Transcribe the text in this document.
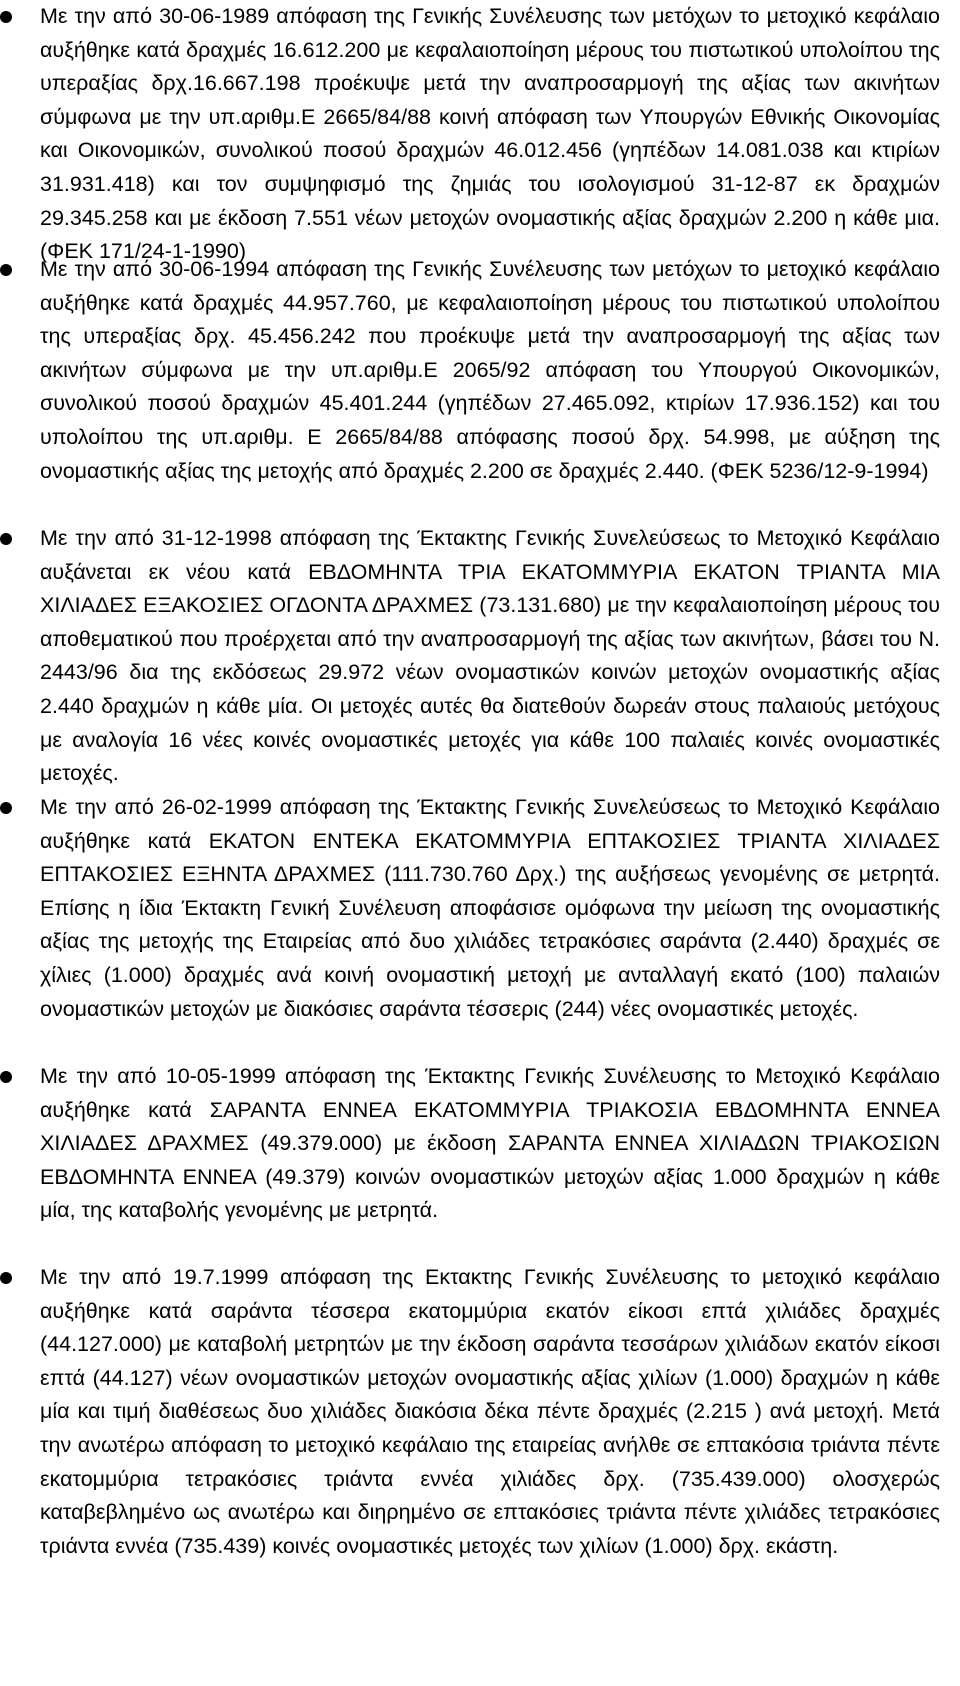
Με την από 30-06-1989 απόφαση της Γενικής Συνέλευσης των μετόχων το μετοχικό κεφάλαιο αυξήθηκε κατά δραχμές 16.612.200 με κεφαλαιοποίηση μέρους του πιστωτικού υπολοίπου της υπεραξίας δρχ.16.667.198 προέκυψε μετά την αναπροσαρμογή της αξίας των ακινήτων σύμφωνα με την υπ.αριθμ.Ε 2665/84/88 κοινή απόφαση των Υπουργών Εθνικής Οικονομίας και Οικονομικών, συνολικού ποσού δραχμών 46.012.456 (γηπέδων 14.081.038 και κτιρίων 31.931.418) και τον συμψηφισμό της ζημιάς του ισολογισμού 31-12-87 εκ δραχμών 29.345.258 και με έκδοση 7.551 νέων μετοχών ονομαστικής αξίας δραχμών 2.200 η κάθε μια. (ΦΕΚ 171/24-1-1990)
Με την από 30-06-1994 απόφαση της Γενικής Συνέλευσης των μετόχων το μετοχικό κεφάλαιο αυξήθηκε κατά δραχμές 44.957.760, με κεφαλαιοποίηση μέρους του πιστωτικού υπολοίπου της υπεραξίας δρχ. 45.456.242 που προέκυψε μετά την αναπροσαρμογή της αξίας των ακινήτων σύμφωνα με την υπ.αριθμ.Ε 2065/92 απόφαση του Υπουργού Οικονομικών, συνολικού ποσού δραχμών 45.401.244 (γηπέδων 27.465.092, κτιρίων 17.936.152) και του υπολοίπου της υπ.αριθμ. Ε 2665/84/88 απόφασης ποσού δρχ. 54.998, με αύξηση της ονομαστικής αξίας της μετοχής από δραχμές 2.200 σε δραχμές 2.440. (ΦΕΚ 5236/12-9-1994)
Με την από 31-12-1998 απόφαση της Έκτακτης Γενικής Συνελεύσεως το Μετοχικό Κεφάλαιο αυξάνεται εκ νέου κατά ΕΒΔΟΜΗΝΤΑ ΤΡΙΑ ΕΚΑΤΟΜΜΥΡΙΑ ΕΚΑΤΟΝ ΤΡΙΑΝΤΑ ΜΙΑ ΧΙΛΙΑΔΕΣ ΕΞΑΚΟΣΙΕΣ ΟΓΔΟΝΤΑ ΔΡΑΧΜΕΣ (73.131.680) με την κεφαλαιοποίηση μέρους του αποθεματικού που προέρχεται από την αναπροσαρμογή της αξίας των ακινήτων, βάσει του Ν. 2443/96 δια της εκδόσεως 29.972 νέων ονομαστικών κοινών μετοχών ονομαστικής αξίας 2.440 δραχμών η κάθε μία. Οι μετοχές αυτές θα διατεθούν δωρεάν στους παλαιούς μετόχους με αναλογία 16 νέες κοινές ονομαστικές μετοχές για κάθε 100 παλαιές κοινές ονομαστικές μετοχές.
Με την από 26-02-1999 απόφαση της Έκτακτης Γενικής Συνελεύσεως το Μετοχικό Κεφάλαιο αυξήθηκε κατά ΕΚΑΤΟΝ ΕΝΤΕΚΑ ΕΚΑΤΟΜΜΥΡΙΑ ΕΠΤΑΚΟΣΙΕΣ ΤΡΙΑΝΤΑ ΧΙΛΙΑΔΕΣ ΕΠΤΑΚΟΣΙΕΣ ΕΞΗΝΤΑ ΔΡΑΧΜΕΣ (111.730.760 Δρχ.) της αυξήσεως γενομένης σε μετρητά. Επίσης η ίδια Έκτακτη Γενική Συνέλευση αποφάσισε ομόφωνα την μείωση της ονομαστικής αξίας της μετοχής της Εταιρείας από δυο χιλιάδες τετρακόσιες σαράντα (2.440) δραχμές σε χίλιες (1.000) δραχμές ανά κοινή ονομαστική μετοχή με ανταλλαγή εκατό (100) παλαιών ονομαστικών μετοχών με διακόσιες σαράντα τέσσερις (244) νέες ονομαστικές μετοχές.
Με την από 10-05-1999 απόφαση της Έκτακτης Γενικής Συνέλευσης το Μετοχικό Κεφάλαιο αυξήθηκε κατά ΣΑΡΑΝΤΑ ΕΝΝΕΑ ΕΚΑΤΟΜΜΥΡΙΑ ΤΡΙΑΚΟΣΙΑ ΕΒΔΟΜΗΝΤΑ ΕΝΝΕΑ ΧΙΛΙΑΔΕΣ ΔΡΑΧΜΕΣ (49.379.000) με έκδοση ΣΑΡΑΝΤΑ ΕΝΝΕΑ ΧΙΛΙΑΔΩΝ ΤΡΙΑΚΟΣΙΩΝ ΕΒΔΟΜΗΝΤΑ ΕΝΝΕΑ (49.379) κοινών ονομαστικών μετοχών αξίας 1.000 δραχμών η κάθε μία, της καταβολής γενομένης με μετρητά.
Με την από 19.7.1999 απόφαση της Εκτακτης Γενικής Συνέλευσης το μετοχικό κεφάλαιο αυξήθηκε κατά σαράντα τέσσερα εκατομμύρια εκατόν είκοσι επτά χιλιάδες δραχμές (44.127.000) με καταβολή μετρητών με την έκδοση σαράντα τεσσάρων χιλιάδων εκατόν είκοσι επτά (44.127) νέων ονομαστικών μετοχών ονομαστικής αξίας χιλίων (1.000) δραχμών η κάθε μία και τιμή διαθέσεως δυο χιλιάδες διακόσια δέκα πέντε δραχμές (2.215 ) ανά μετοχή. Μετά την ανωτέρω απόφαση το μετοχικό κεφάλαιο της εταιρείας ανήλθε σε επτακόσια τριάντα πέντε εκατομμύρια τετρακόσιες τριάντα εννέα χιλιάδες δρχ. (735.439.000) ολοσχερώς καταβεβλημένο ως ανωτέρω και διηρημένο σε επτακόσιες τριάντα πέντε χιλιάδες τετρακόσιες τριάντα εννέα (735.439) κοινές ονομαστικές μετοχές των χιλίων (1.000) δρχ. εκάστη.
